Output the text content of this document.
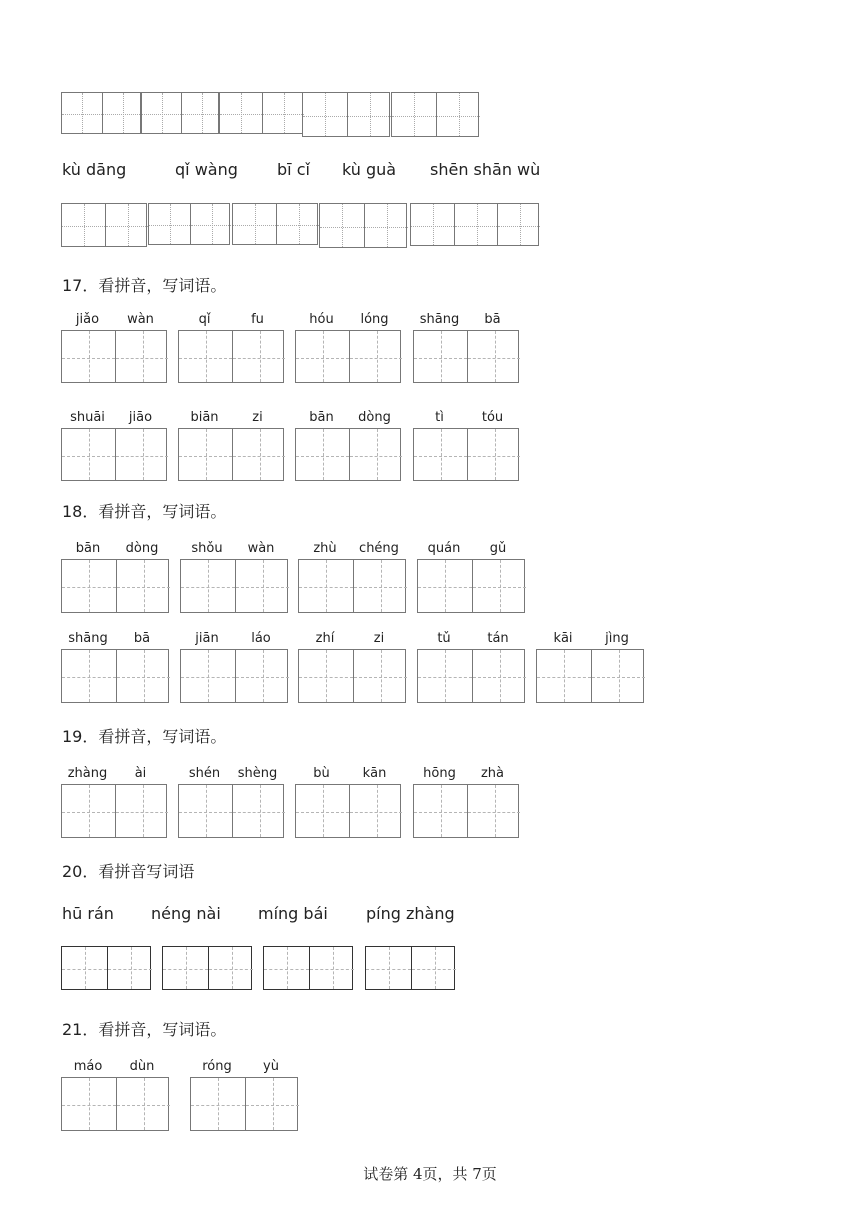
kù dāng	qǐ wàng bī cǐ kù guà shēn shān wù
17．看拼音，写词语。
jiǎo	wàn	qǐ	fu	hóu	lóng	shāng	bā
shuāi	jiāo	biān	zi	bān	dòng	tì	tóu
18．看拼音，写词语。
bān	dòng	shǒu	wàn	zhù	chéng	quán	gǔ
shāng	bā	jiān	láo	zhí	zi	tǔ	tán	kāi	jìng
19．看拼音，写词语。
zhàng	ài	shén	shèng	bù	kān	hōng	zhà
20．看拼音写词语
hū rán néng nài míng bái píng zhàng
21．看拼音，写词语。
máo	dùn	róng	yù
试卷第 4页，共 7页
